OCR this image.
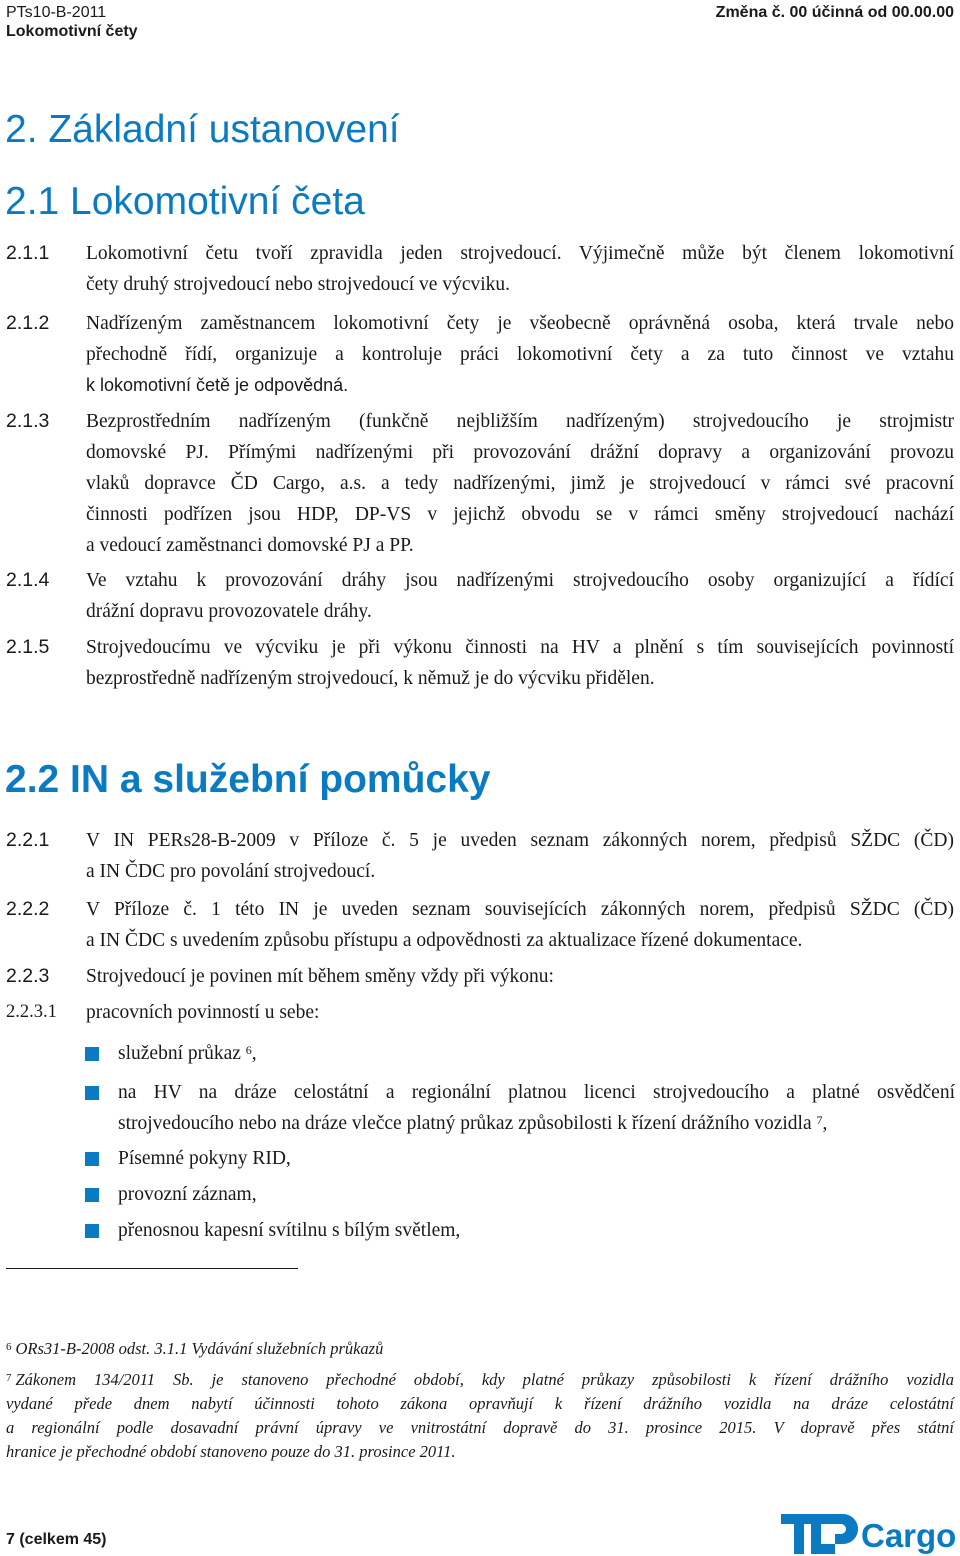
PTs10-B-2011
Lokomotivní čety
Změna č. 00 účinná od 00.00.00
2. Základní ustanovení
2.1 Lokomotivní četa
2.2 IN a služební pomůcky
2.1.1	Lokomotivní četu tvoří zpravidla jeden strojvedoucí. Výjimečně může být členem lokomotivní
čety druhý strojvedoucí nebo strojvedoucí ve výcviku.
2.1.2	Nadřízeným zaměstnancem lokomotivní čety je všeobecně oprávněná osoba, která trvale nebo
přechodně řídí, organizuje a kontroluje práci lokomotivní čety a za tuto činnost ve vztahu
k lokomotivní četě je odpovědná.
2.1.3	Bezprostředním nadřízeným (funkčně nejbližším nadřízeným) strojvedoucího je strojmistr
domovské PJ. Přímými nadřízenými při provozování drážní dopravy a organizování provozu
vlaků dopravce ČD Cargo, a.s. a tedy nadřízenými, jimž je strojvedoucí v rámci své pracovní
činnosti podřízen jsou HDP, DP-VS v jejichž obvodu se v rámci směny strojvedoucí nachází
a vedoucí zaměstnanci domovské PJ a PP.
2.1.4	Ve vztahu k provozování dráhy jsou nadřízenými strojvedoucího osoby organizující a řídící
drážní dopravu provozovatele dráhy.
2.1.5	Strojvedoucímu ve výcviku je při výkonu činnosti na HV a plnění s tím souvisejících povinností
bezprostředně nadřízeným strojvedoucí, k němuž je do výcviku přidělen.
2.2.1	V IN PERs28-B-2009 v Příloze č. 5 je uveden seznam zákonných norem, předpisů SŽDC (ČD)
a IN ČDC pro povolání strojvedoucí.
2.2.2	V Příloze č. 1 této IN je uveden seznam souvisejících zákonných norem, předpisů SŽDC (ČD)
a IN ČDC s uvedením způsobu přístupu a odpovědnosti za aktualizace řízené dokumentace.
2.2.3	Strojvedoucí je povinen mít během směny vždy při výkonu:
2.2.3.1	pracovních povinností u sebe:
služební průkaz $^6$,
na HV na dráze celostátní a regionální platnou licenci strojvedoucího a platné osvědčení
strojvedoucího nebo na dráze vlečce platný průkaz způsobilosti k řízení drážního vozidla $^7$,
Písemné pokyny RID,
provozní záznam,
přenosnou kapesní svítilnu s bílým světlem,
$^6$ ORs31-B-2008 odst. 3.1.1 Vydávání služebních průkazů
$^7$ Zákonem 134/2011 Sb. je stanoveno přechodné období, kdy platné průkazy způsobilosti k řízení drážního vozidla
vydané přede dnem nabytí účinnosti tohoto zákona opravňují k řízení drážního vozidla na dráze celostátní
a regionální podle dosavadní právní úpravy ve vnitrostátní dopravě do 31. prosince 2015. V dopravě přes státní
hranice je přechodné období stanoveno pouze do 31. prosince 2011.
7 (celkem 45)	Cargo
